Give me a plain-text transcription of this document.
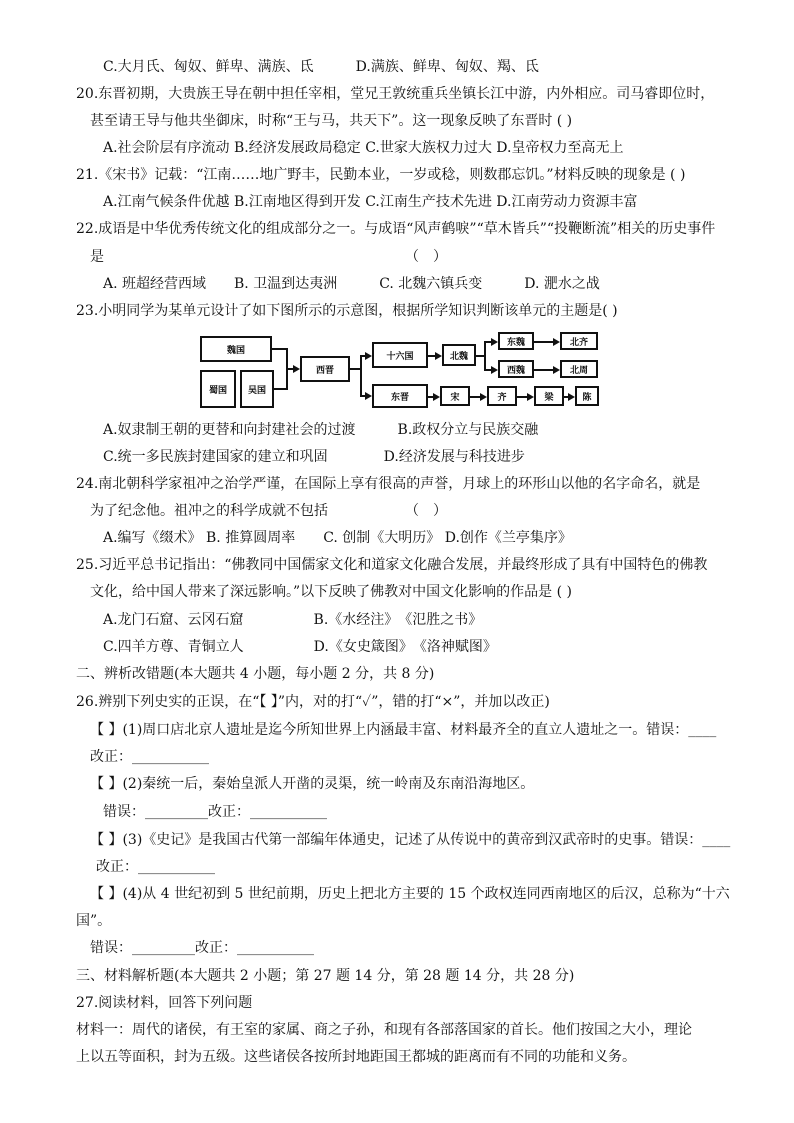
C.大月氏、匈奴、鲜卑、满族、氐　　　D.满族、鲜卑、匈奴、羯、氐
20.东晋初期，大贵族王导在朝中担任宰相，堂兄王敦统重兵坐镇长江中游，内外相应。司马睿即位时，
甚至请王导与他共坐御床，时称“王与马，共天下”。这一现象反映了东晋时 ( )
A.社会阶层有序流动 B.经济发展政局稳定 C.世家大族权力过大 D.皇帝权力至高无上
21.《宋书》记载：“江南……地广野丰，民勤本业，一岁或稔，则数郡忘饥。”材料反映的现象是 ( )
A.江南气候条件优越 B.江南地区得到开发 C.江南生产技术先进 D.江南劳动力资源丰富
22.成语是中华优秀传统文化的组成部分之一。与成语“风声鹤唳”“草木皆兵”“投鞭断流”相关的历史事件
是　　　　　　　　　　　　　　　　　　　　　　（　）
A. 班超经营西域　　B. 卫温到达夷洲　　　C. 北魏六镇兵变　　　D. 淝水之战
23.小明同学为某单元设计了如下图所示的示意图，根据所学知识判断该单元的主题是( )
魏国
蜀国	吴国
西晋
十六国	北魏
东魏	北齐
西魏	北周
东晋	宋	齐	梁	陈
A.奴隶制王朝的更替和向封建社会的过渡　　　B.政权分立与民族交融
C.统一多民族封建国家的建立和巩固　　　　D.经济发展与科技进步
24.南北朝科学家祖冲之治学严谨，在国际上享有很高的声誉，月球上的环形山以他的名字命名，就是
为了纪念他。祖冲之的科学成就不包括　　　　　　（　）
A.编写《缀术》 B. 推算圆周率　　C. 创制《大明历》 D.创作《兰亭集序》
25.习近平总书记指出：“佛教同中国儒家文化和道家文化融合发展，并最终形成了具有中国特色的佛教
文化，给中国人带来了深远影响。”以下反映了佛教对中国文化影响的作品是 ( )
A.龙门石窟、云冈石窟　　　　　B.《水经注》　《氾胜之书》
C.四羊方尊、青铜立人　　　　　D.《女史箴图》　《洛神赋图》
二、辨析改错题(本大题共 4 小题，每小题 2 分，共 8 分)
26.辨别下列史实的正误，在“【 】”内，对的打“✓”，错的打“×”，并加以改正)
【 】(1)周口店北京人遗址是迄今所知世界上内涵最丰富、材料最齐全的直立人遗址之一。错误：____
改正：___________
【 】(2)秦统一后，秦始皇派人开凿的灵渠，统一岭南及东南沿海地区。
错误：_________改正：___________
【 】(3)《史记》是我国古代第一部编年体通史，记述了从传说中的黄帝到汉武帝时的史事。错误：____
改正：___________
【 】(4)从 4 世纪初到 5 世纪前期，历史上把北方主要的 15 个政权连同西南地区的后汉，总称为“十六
国”。
错误：_________改正：___________
三、材料解析题(本大题共 2 小题；第 27 题 14 分，第 28 题 14 分，共 28 分)
27.阅读材料，回答下列问题
材料一：周代的诸侯，有王室的家属、商之子孙，和现有各部落国家的首长。他们按国之大小，理论
上以五等面积，封为五级。这些诸侯各按所封地距国王都城的距离而有不同的功能和义务。
